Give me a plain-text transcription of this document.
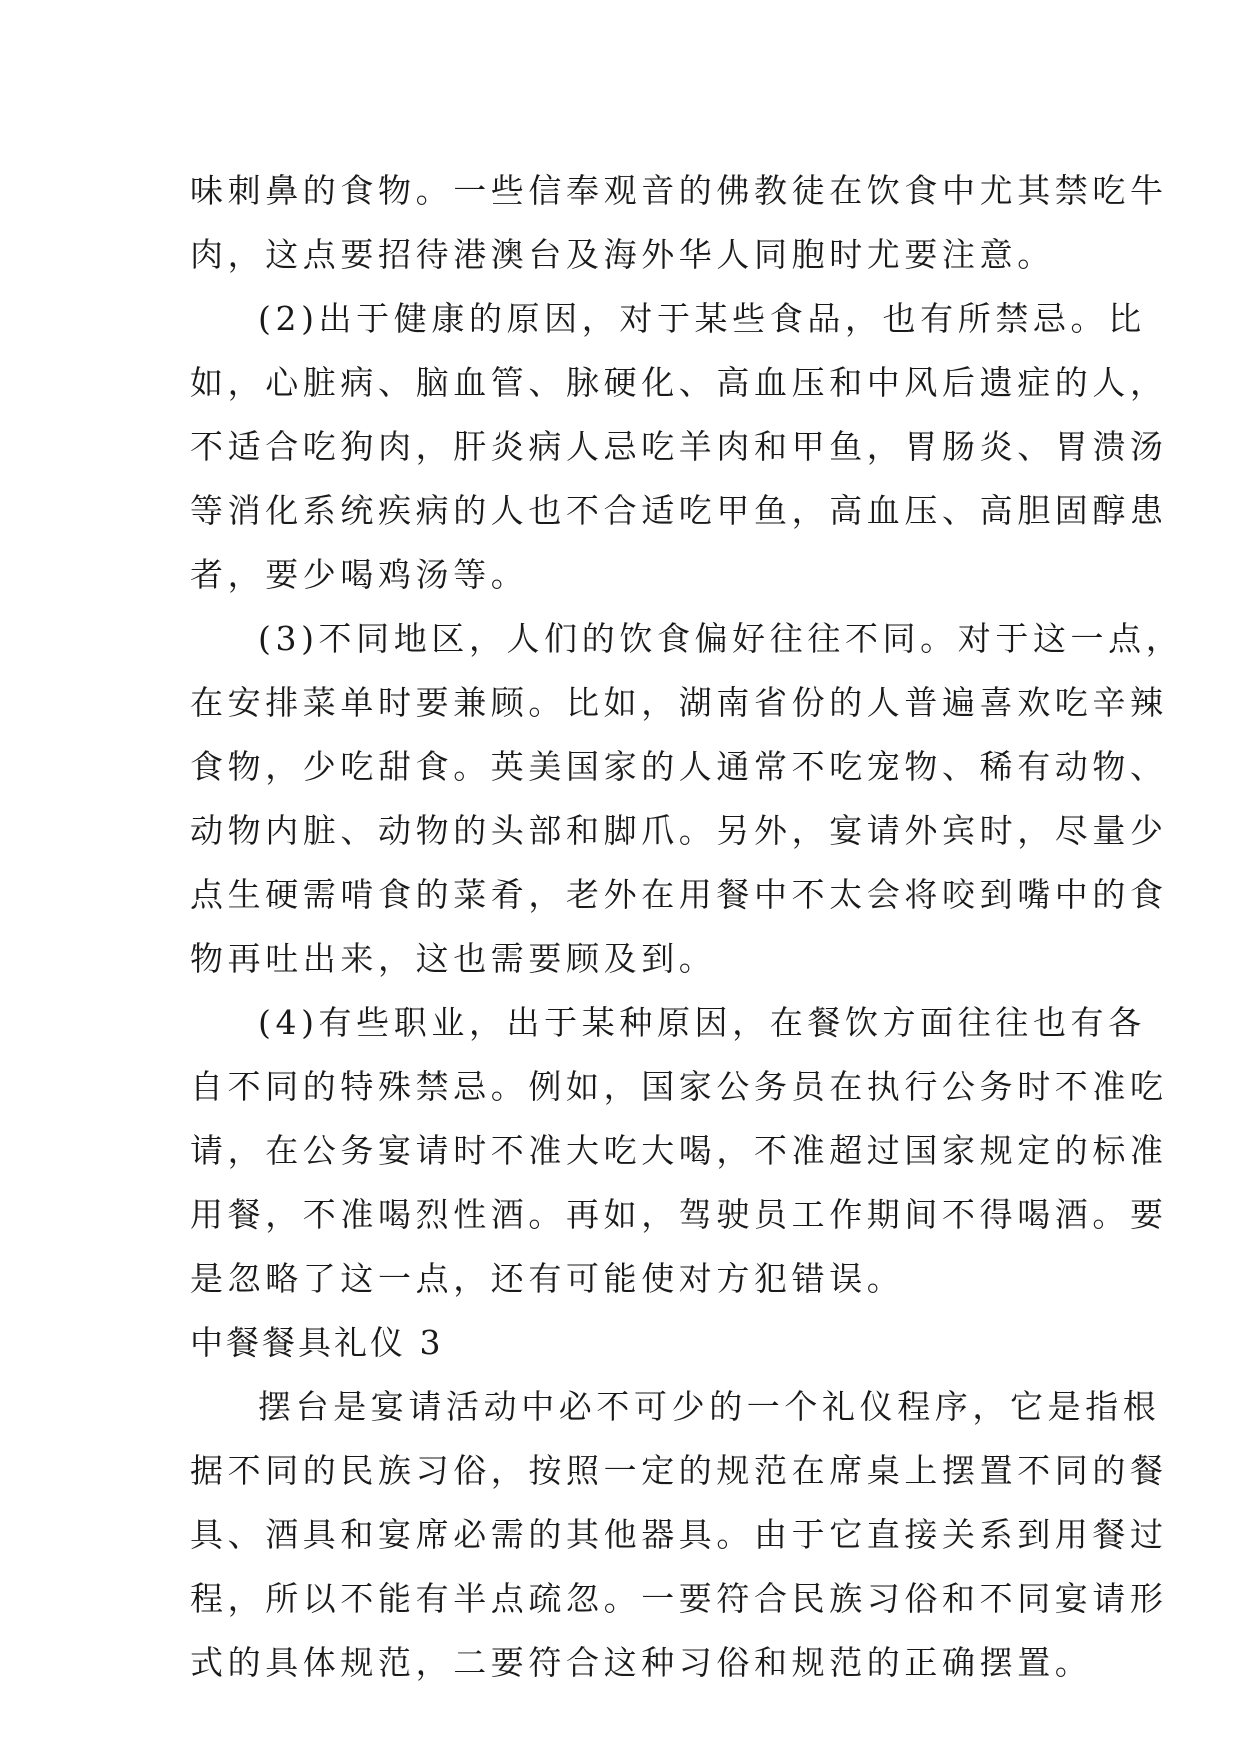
味刺鼻的食物。一些信奉观音的佛教徒在饮食中尤其禁吃牛
肉，这点要招待港澳台及海外华人同胞时尤要注意。
(2)出于健康的原因，对于某些食品，也有所禁忌。比
如，心脏病、脑血管、脉硬化、高血压和中风后遗症的人，
不适合吃狗肉，肝炎病人忌吃羊肉和甲鱼，胃肠炎、胃溃汤
等消化系统疾病的人也不合适吃甲鱼，高血压、高胆固醇患
者，要少喝鸡汤等。
(3)不同地区，人们的饮食偏好往往不同。对于这一点，
在安排菜单时要兼顾。比如，湖南省份的人普遍喜欢吃辛辣
食物，少吃甜食。英美国家的人通常不吃宠物、稀有动物、
动物内脏、动物的头部和脚爪。另外，宴请外宾时，尽量少
点生硬需啃食的菜肴，老外在用餐中不太会将咬到嘴中的食
物再吐出来，这也需要顾及到。
(4)有些职业，出于某种原因，在餐饮方面往往也有各
自不同的特殊禁忌。例如，国家公务员在执行公务时不准吃
请，在公务宴请时不准大吃大喝，不准超过国家规定的标准
用餐，不准喝烈性酒。再如，驾驶员工作期间不得喝酒。要
是忽略了这一点，还有可能使对方犯错误。
中餐餐具礼仪 3
摆台是宴请活动中必不可少的一个礼仪程序，它是指根
据不同的民族习俗，按照一定的规范在席桌上摆置不同的餐
具、酒具和宴席必需的其他器具。由于它直接关系到用餐过
程，所以不能有半点疏忽。一要符合民族习俗和不同宴请形
式的具体规范，二要符合这种习俗和规范的正确摆置。
